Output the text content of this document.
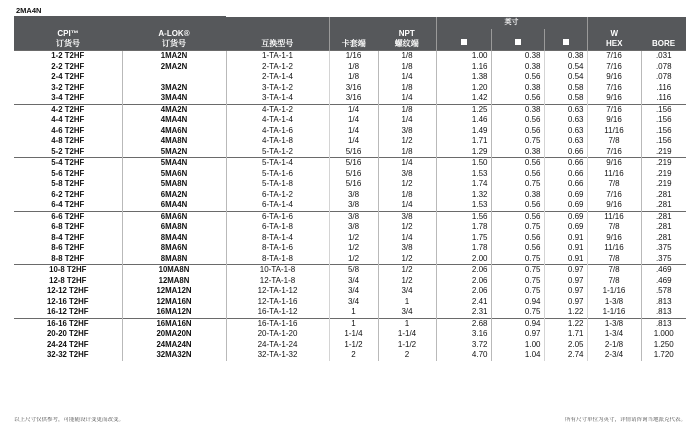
2MA4N									
					英寸				
CPI™
订货号	A-LOK®
订货号	互换型号	卡套端	NPT
螺纹端				W
HEX	BORE
1-2 T2HF	1MA2N	1-TA-1-1	1/16	1/8	1.00	0.38	0.38	7/16	.031
2-2 T2HF	2MA2N	2-TA-1-2	1/8	1/8	1.16	0.38	0.54	7/16	.078
2-4 T2HF		2-TA-1-4	1/8	1/4	1.38	0.56	0.54	9/16	.078
3-2 T2HF	3MA2N	3-TA-1-2	3/16	1/8	1.20	0.38	0.58	7/16	.116
3-4 T2HF	3MA4N	3-TA-1-4	3/16	1/4	1.42	0.56	0.58	9/16	.116
4-2 T2HF	4MA2N	4-TA-1-2	1/4	1/8	1.25	0.38	0.63	7/16	.156
4-4 T2HF	4MA4N	4-TA-1-4	1/4	1/4	1.46	0.56	0.63	9/16	.156
4-6 T2HF	4MA6N	4-TA-1-6	1/4	3/8	1.49	0.56	0.63	11/16	.156
4-8 T2HF	4MA8N	4-TA-1-8	1/4	1/2	1.71	0.75	0.63	7/8	.156
5-2 T2HF	5MA2N	5-TA-1-2	5/16	1/8	1.29	0.38	0.66	7/16	.219
5-4 T2HF	5MA4N	5-TA-1-4	5/16	1/4	1.50	0.56	0.66	9/16	.219
5-6 T2HF	5MA6N	5-TA-1-6	5/16	3/8	1.53	0.56	0.66	11/16	.219
5-8 T2HF	5MA8N	5-TA-1-8	5/16	1/2	1.74	0.75	0.66	7/8	.219
6-2 T2HF	6MA2N	6-TA-1-2	3/8	1/8	1.32	0.38	0.69	7/16	.281
6-4 T2HF	6MA4N	6-TA-1-4	3/8	1/4	1.53	0.56	0.69	9/16	.281
6-6 T2HF	6MA6N	6-TA-1-6	3/8	3/8	1.56	0.56	0.69	11/16	.281
6-8 T2HF	6MA8N	6-TA-1-8	3/8	1/2	1.78	0.75	0.69	7/8	.281
8-4 T2HF	8MA4N	8-TA-1-4	1/2	1/4	1.75	0.56	0.91	9/16	.281
8-6 T2HF	8MA6N	8-TA-1-6	1/2	3/8	1.78	0.56	0.91	11/16	.375
8-8 T2HF	8MA8N	8-TA-1-8	1/2	1/2	2.00	0.75	0.91	7/8	.375
10-8 T2HF	10MA8N	10-TA-1-8	5/8	1/2	2.06	0.75	0.97	7/8	.469
12-8 T2HF	12MA8N	12-TA-1-8	3/4	1/2	2.06	0.75	0.97	7/8	.469
12-12 T2HF	12MA12N	12-TA-1-12	3/4	3/4	2.06	0.75	0.97	1-1/16	.578
12-16 T2HF	12MA16N	12-TA-1-16	3/4	1	2.41	0.94	0.97	1-3/8	.813
16-12 T2HF	16MA12N	16-TA-1-12	1	3/4	2.31	0.75	1.22	1-1/16	.813
16-16 T2HF	16MA16N	16-TA-1-16	1	1	2.68	0.94	1.22	1-3/8	.813
20-20 T2HF	20MA20N	20-TA-1-20	1-1/4	1-1/4	3.16	0.97	1.71	1-3/4	1.000
24-24 T2HF	24MA24N	24-TA-1-24	1-1/2	1-1/2	3.72	1.00	2.05	2-1/8	1.250
32-32 T2HF	32MA32N	32-TA-1-32	2	2	4.70	1.04	2.74	2-3/4	1.720
以上尺寸仅供参考，可能随设计变更而改变。	所有尺寸单位为英寸，详情请咨询当地派克代表。
